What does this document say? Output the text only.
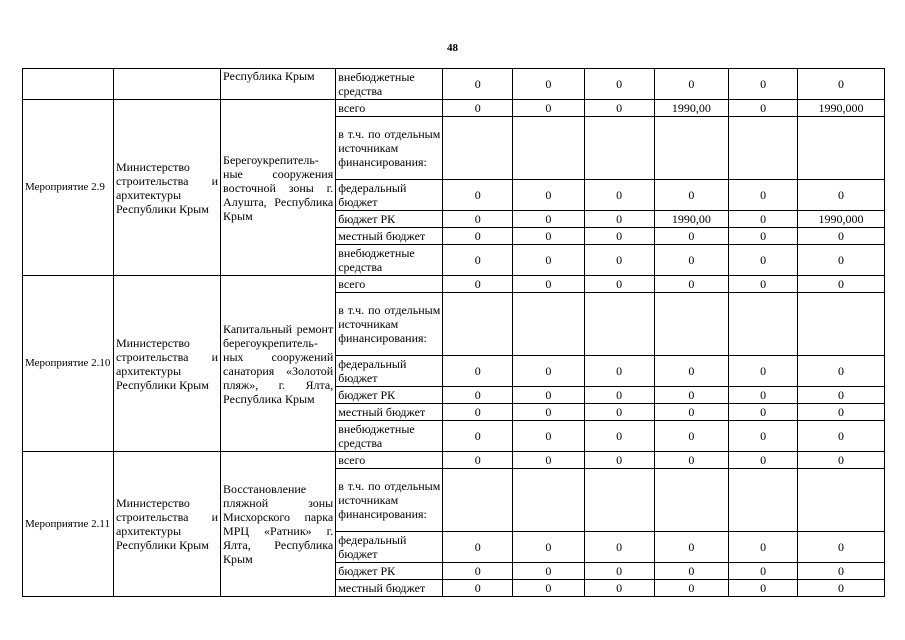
48
		Республика Крым	внебюджетные средства	0	0	0	0	0	0
Мероприятие 2.9	Министерство строительства и архитектуры Республики Крым	Берегоукрепитель-ные сооружения восточной зоны г. Алушта, Республика Крым	всего	0	0	0	1990,00	0	1990,000
			в т.ч. по отдельным источникам финансирования:						
			федеральный бюджет	0	0	0	0	0	0
			бюджет РК	0	0	0	1990,00	0	1990,000
			местный бюджет	0	0	0	0	0	0
			внебюджетные средства	0	0	0	0	0	0
Мероприятие 2.10	Министерство строительства и архитектуры Республики Крым	Капитальный ремонт берегоукрепитель-ных сооружений санатория «Золотой пляж», г. Ялта, Республика Крым	всего	0	0	0	0	0	0
			в т.ч. по отдельным источникам финансирования:						
			федеральный бюджет	0	0	0	0	0	0
			бюджет РК	0	0	0	0	0	0
			местный бюджет	0	0	0	0	0	0
			внебюджетные средства	0	0	0	0	0	0
Мероприятие 2.11	Министерство строительства и архитектуры Республики Крым	Восстановление пляжной зоны Мисхорского парка МРЦ «Ратник» г. Ялта, Республика Крым	всего	0	0	0	0	0	0
			в т.ч. по отдельным источникам финансирования:						
			федеральный бюджет	0	0	0	0	0	0
			бюджет РК	0	0	0	0	0	0
			местный бюджет	0	0	0	0	0	0
